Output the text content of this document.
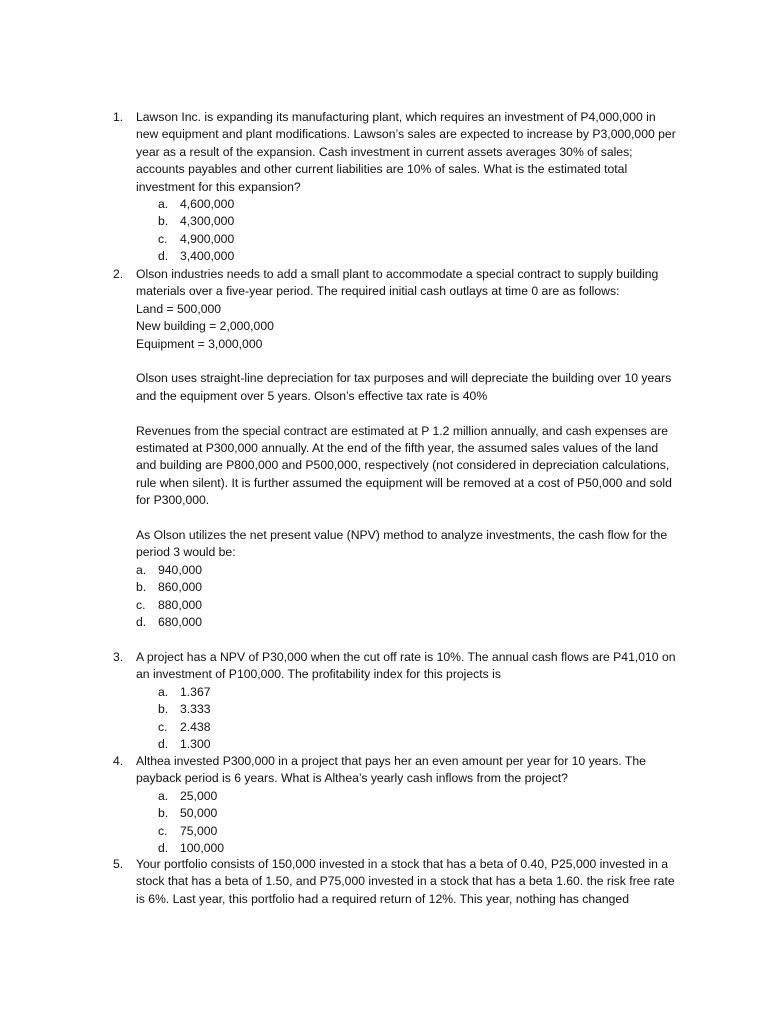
1. Lawson Inc. is expanding its manufacturing plant, which requires an investment of P4,000,000 in new equipment and plant modifications. Lawson’s sales are expected to increase by P3,000,000 per year as a result of the expansion. Cash investment in current assets averages 30% of sales; accounts payables and other current liabilities are 10% of sales. What is the estimated total investment for this expansion?

a. 4,600,000
b. 4,300,000
c.	4,900,000
d. 3,400,000
2. Olson industries needs to add a small plant to accommodate a special contract to supply building materials over a five-year period. The required initial cash outlays at time 0 are as follows:

Land = 500,000

New building = 2,000,000

Equipment = 3,000,000

Olson uses straight-line depreciation for tax purposes and will depreciate the building over 10 years and the equipment over 5 years. Olson’s effective tax rate is 40%

Revenues from the special contract are estimated at P 1.2 million annually, and cash expenses are estimated at P300,000 annually. At the end of the fifth year, the assumed sales values of the land and building are P800,000 and P500,000, respectively (not considered in depreciation calculations, rule when silent). It is further assumed the equipment will be removed at a cost of P50,000 and sold for P300,000.

As Olson utilizes the net present value (NPV) method to analyze investments, the cash flow for the period 3 would be:

a. 940,000
b. 860,000
c.	880,000
d. 680,000
3. A project has a NPV of P30,000 when the cut off rate is 10%. The annual cash flows are P41,010 on an investment of P100,000. The profitability index for this projects is

a. 1.367
b. 3.333
c.	2.438
d. 1.300
4. Althea invested P300,000 in a project that pays her an even amount per year for 10 years. The payback period is 6 years. What is Althea’s yearly cash inflows from the project?

a. 25,000
b. 50,000
c.	75,000
d. 100,000
5. Your portfolio consists of 150,000 invested in a stock that has a beta of 0.40, P25,000 invested in a stock that has a beta of 1.50, and P75,000 invested in a stock that has a beta 1.60. the risk free rate is 6%. Last year, this portfolio had a required return of 12%. This year, nothing has changed
